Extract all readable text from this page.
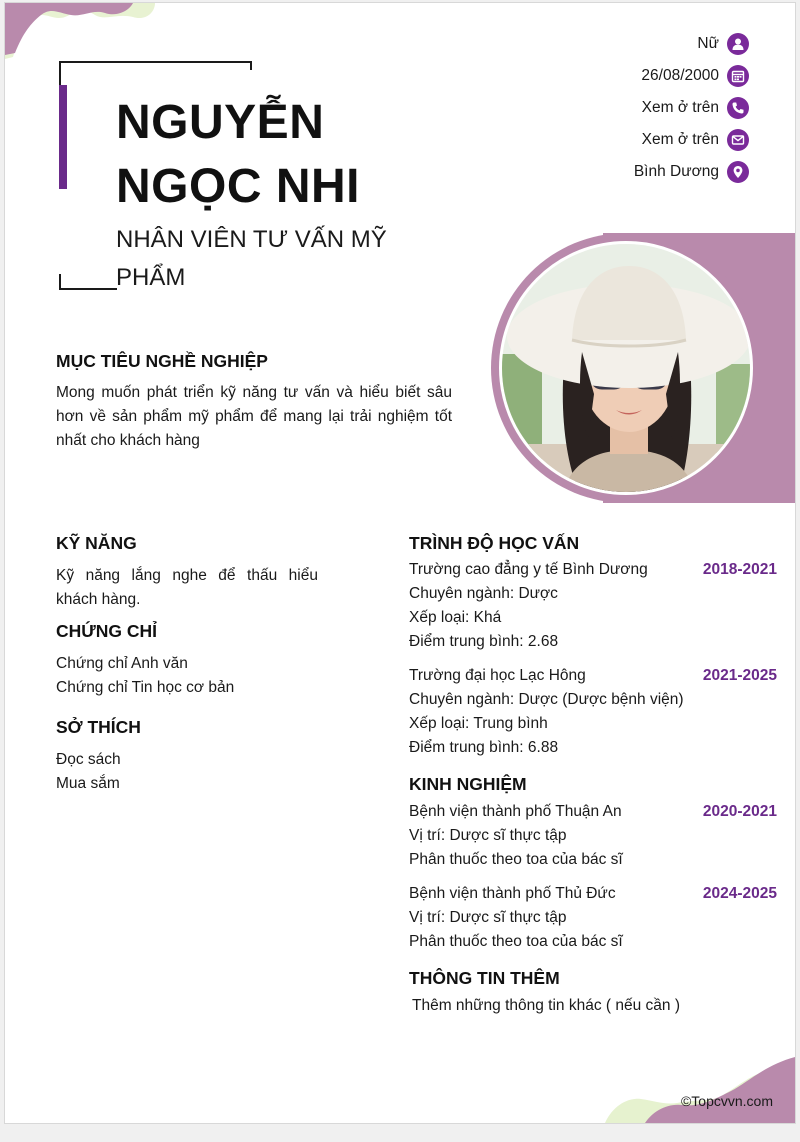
NGUYỄN
NGỌC NHI
NHÂN VIÊN TƯ VẤN MỸ PHẨM
Nữ
26/08/2000
Xem ở trên
Xem ở trên
Bình Dương
MỤC TIÊU NGHỀ NGHIỆP
Mong muốn phát triển kỹ năng tư vấn và hiểu biết sâu hơn về sản phẩm mỹ phẩm để mang lại trải nghiệm tốt nhất cho khách hàng
KỸ NĂNG
Kỹ năng lắng nghe để thấu hiểu khách hàng.
CHỨNG CHỈ
Chứng chỉ Anh văn
Chứng chỉ Tin học cơ bản
SỞ THÍCH
Đọc sách
Mua sắm
TRÌNH ĐỘ HỌC VẤN
Trường cao đẳng y tế Bình Dương	2018-2021
Chuyên ngành: Dược
Xếp loại: Khá
Điểm trung bình: 2.68
Trường đại học Lạc Hông	2021-2025
Chuyên ngành: Dược (Dược bệnh viện)
Xếp loại: Trung bình
Điểm trung bình: 6.88
KINH NGHIỆM
Bệnh viện thành phố Thuận An	2020-2021
Vị trí: Dược sĩ thực tập
Phân thuốc theo toa của bác sĩ
Bệnh viện thành phố Thủ Đức	2024-2025
Vị trí: Dược sĩ thực tập
Phân thuốc theo toa của bác sĩ
THÔNG TIN THÊM
Thêm những thông tin khác ( nếu cần )
©Topcvvn.com
